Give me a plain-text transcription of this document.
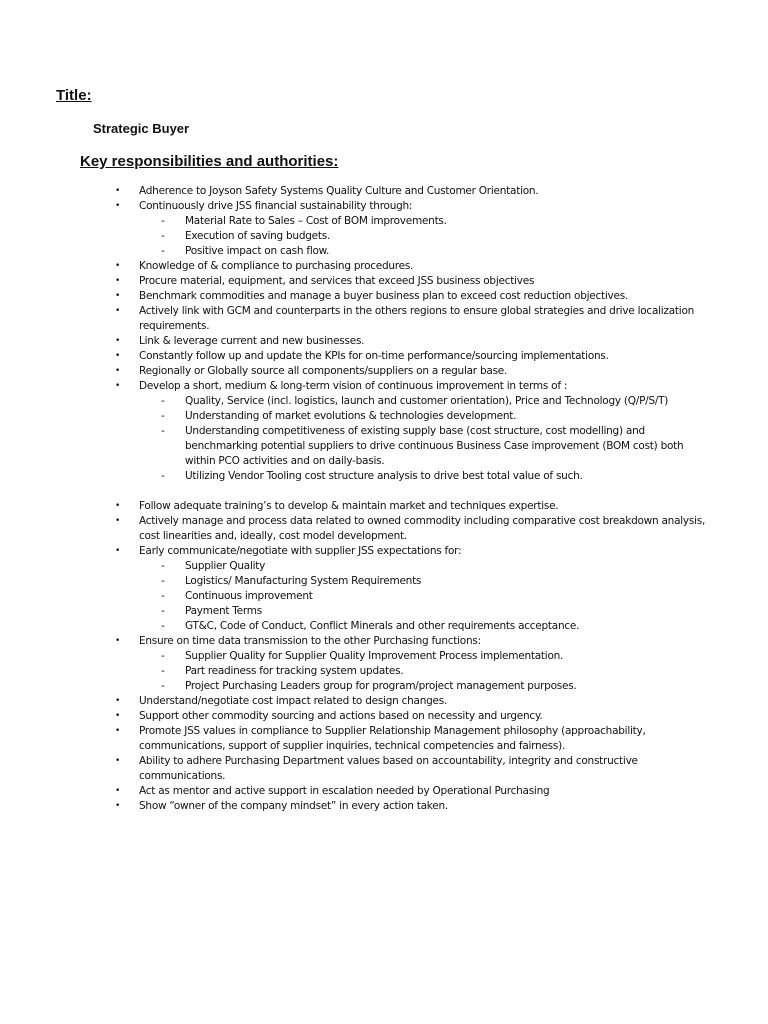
Title:
Strategic Buyer
Key responsibilities and authorities:
• Adherence to Joyson Safety Systems Quality Culture and Customer Orientation.
• Continuously drive JSS financial sustainability through:
- Material Rate to Sales – Cost of BOM improvements.
- Execution of saving budgets.
- Positive impact on cash flow.
• Knowledge of & compliance to purchasing procedures.
• Procure material, equipment, and services that exceed JSS business objectives
• Benchmark commodities and manage a buyer business plan to exceed cost reduction objectives.
• Actively link with GCM and counterparts in the others regions to ensure global strategies and drive localization requirements.
• Link & leverage current and new businesses.
• Constantly follow up and update the KPIs for on-time performance/sourcing implementations.
• Regionally or Globally source all components/suppliers on a regular base.
• Develop a short, medium & long-term vision of continuous improvement in terms of :
- Quality, Service (incl. logistics, launch and customer orientation), Price and Technology (Q/P/S/T)
- Understanding of market evolutions & technologies development.
- Understanding competitiveness of existing supply base (cost structure, cost modelling) and benchmarking potential suppliers to drive continuous Business Case improvement (BOM cost) both within PCO activities and on daily-basis.
- Utilizing Vendor Tooling cost structure analysis to drive best total value of such.
• Follow adequate training’s to develop & maintain market and techniques expertise.
• Actively manage and process data related to owned commodity including comparative cost breakdown analysis, cost linearities and, ideally, cost model development.
• Early communicate/negotiate with supplier JSS expectations for:
- Supplier Quality
- Logistics/ Manufacturing System Requirements
- Continuous improvement
- Payment Terms
- GT&C, Code of Conduct, Conflict Minerals and other requirements acceptance.
• Ensure on time data transmission to the other Purchasing functions:
- Supplier Quality for Supplier Quality Improvement Process implementation.
- Part readiness for tracking system updates.
- Project Purchasing Leaders group for program/project management purposes.
• Understand/negotiate cost impact related to design changes.
• Support other commodity sourcing and actions based on necessity and urgency.
• Promote JSS values in compliance to Supplier Relationship Management philosophy (approachability, communications, support of supplier inquiries, technical competencies and fairness).
• Ability to adhere Purchasing Department values based on accountability, integrity and constructive communications.
• Act as mentor and active support in escalation needed by Operational Purchasing
• Show “owner of the company mindset” in every action taken.
